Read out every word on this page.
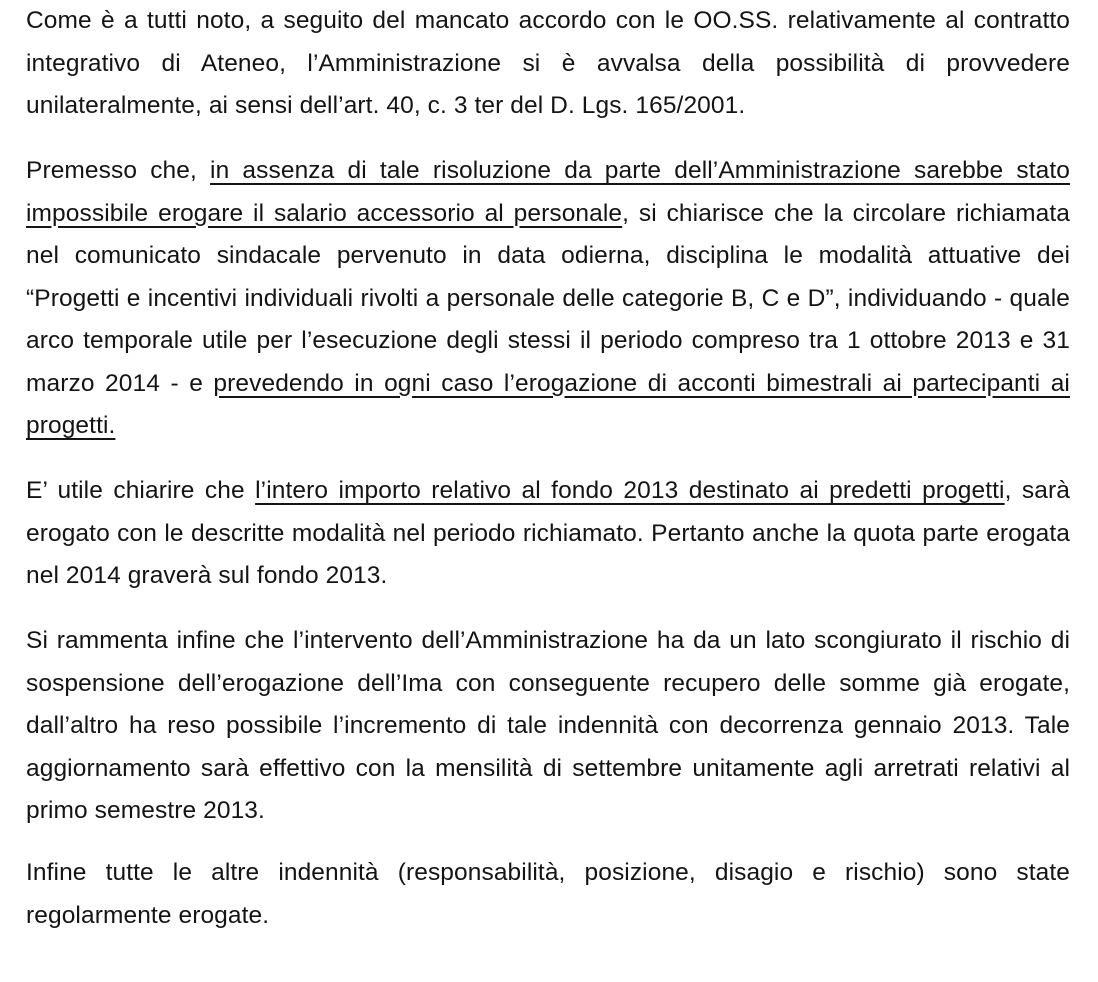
Come è a tutti noto, a seguito del mancato accordo con le OO.SS. relativamente al contratto integrativo di Ateneo, l’Amministrazione si è avvalsa della possibilità di provvedere unilateralmente, ai sensi dell’art. 40, c. 3 ter del D. Lgs. 165/2001.

Premesso che, in assenza di tale risoluzione da parte dell’Amministrazione sarebbe stato impossibile erogare il salario accessorio al personale, si chiarisce che la circolare richiamata nel comunicato sindacale pervenuto in data odierna, disciplina le modalità attuative dei “Progetti e incentivi individuali rivolti a personale delle categorie B, C e D”, individuando - quale arco temporale utile per l’esecuzione degli stessi il periodo compreso tra 1 ottobre 2013 e 31 marzo 2014 - e prevedendo in ogni caso l’erogazione di acconti bimestrali ai partecipanti ai progetti.

E’ utile chiarire che l’intero importo relativo al fondo 2013 destinato ai predetti progetti, sarà erogato con le descritte modalità nel periodo richiamato. Pertanto anche la quota parte erogata nel 2014 graverà sul fondo 2013.

Si rammenta infine che l’intervento dell’Amministrazione ha da un lato scongiurato il rischio di sospensione dell’erogazione dell’Ima con conseguente recupero delle somme già erogate, dall’altro ha reso possibile l’incremento di tale indennità con decorrenza gennaio 2013. Tale aggiornamento sarà effettivo con la mensilità di settembre unitamente agli arretrati relativi al primo semestre 2013.

Infine tutte le altre indennità (responsabilità, posizione, disagio e rischio) sono state regolarmente erogate.
